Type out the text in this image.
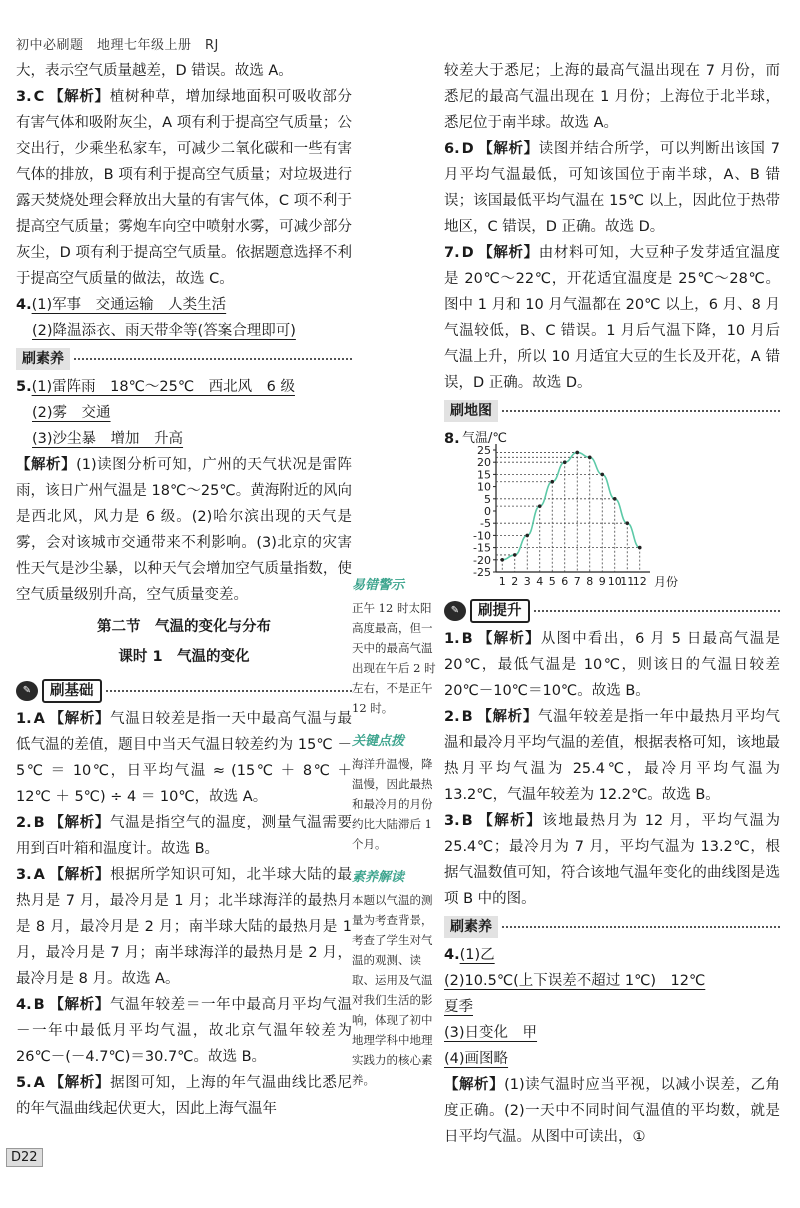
初中必刷题　地理七年级上册　RJ

大，表示空气质量越差，D 错误。故选 A。

3. C 【解析】植树种草，增加绿地面积可吸收部分有害气体和吸附灰尘，A 项有利于提高空气质量；公交出行，少乘坐私家车，可减少二氧化碳和一些有害气体的排放，B 项有利于提高空气质量；对垃圾进行露天焚烧处理会释放出大量的有害气体，C 项不利于提高空气质量；雾炮车向空中喷射水雾，可减少部分灰尘，D 项有利于提高空气质量。依据题意选择不利于提高空气质量的做法，故选 C。

4.(1)军事　交通运输　人类生活

(2)降温添衣、雨天带伞等(答案合理即可)

刷素养

5.(1)雷阵雨　18℃～25℃　西北风　6 级

(2)雾　交通

(3)沙尘暴　增加　升高

【解析】(1)读图分析可知，广州的天气状况是雷阵雨，该日广州气温是 18℃～25℃。黄海附近的风向是西北风，风力是 6 级。(2)哈尔滨出现的天气是雾，会对该城市交通带来不利影响。(3)北京的灾害性天气是沙尘暴，以种天气会增加空气质量指数，使空气质量级别升高，空气质量变差。

第二节　气温的变化与分布
课时 1　气温的变化
✎	刷基础

1. A 【解析】气温日较差是指一天中最高气温与最低气温的差值，题目中当天气温日较差约为 15℃ － 5℃ ＝ 10℃，日平均气温 ≈ (15℃ ＋ 8℃ ＋ 12℃ ＋ 5℃) ÷ 4 ＝ 10℃，故选 A。

2. B 【解析】气温是指空气的温度，测量气温需要用到百叶箱和温度计。故选 B。

3. A 【解析】根据所学知识可知，北半球大陆的最热月是 7 月，最冷月是 1 月；北半球海洋的最热月是 8 月，最冷月是 2 月；南半球大陆的最热月是 1 月，最冷月是 7 月；南半球海洋的最热月是 2 月，最冷月是 8 月。故选 A。

4. B 【解析】气温年较差＝一年中最高月平均气温－一年中最低月平均气温，故北京气温年较差为 26℃－(－4.7℃)＝30.7℃。故选 B。

5. A 【解析】据图可知，上海的年气温曲线比悉尼的年气温曲线起伏更大，因此上海气温年

易错警示
正午 12 时太阳高度最高，但一天中的最高气温出现在午后 2 时左右，不是正午 12 时。
关键点拨
海洋升温慢，降温慢，因此最热和最冷月的月份约比大陆滞后 1 个月。
素养解读
本题以气温的测量为考查背景，考查了学生对气温的观测、读取、运用及气温对我们生活的影响，体现了初中地理学科中地理实践力的核心素养。

较差大于悉尼；上海的最高气温出现在 7 月份，而悉尼的最高气温出现在 1 月份；上海位于北半球，悉尼位于南半球。故选 A。

6. D 【解析】读图并结合所学，可以判断出该国 7 月平均气温最低，可知该国位于南半球，A、B 错误；该国最低平均气温在 15℃ 以上，因此位于热带地区，C 错误，D 正确。故选 D。

7. D 【解析】由材料可知，大豆种子发芽适宜温度是 20℃～22℃，开花适宜温度是 25℃～28℃。图中 1 月和 10 月气温都在 20℃ 以上，6 月、8 月气温较低，B、C 错误。1 月后气温下降，10 月后气温上升，所以 10 月适宜大豆的生长及开花，A 错误，D 正确。故选 D。

刷地图
8. 气温/℃
月份
25
20
15
10
5
0
-5
-10
-15
-20
-25
1 2 3 4 5 6 7 8 9 10
11
12
✎	刷提升

1. B 【解析】从图中看出，6 月 5 日最高气温是 20℃，最低气温是 10℃，则该日的气温日较差 20℃－10℃＝10℃。故选 B。

2. B 【解析】气温年较差是指一年中最热月平均气温和最冷月平均气温的差值，根据表格可知，该地最热月平均气温为 25.4℃，最冷月平均气温为 13.2℃，气温年较差为 12.2℃。故选 B。

3. B 【解析】该地最热月为 12 月，平均气温为 25.4℃；最冷月为 7 月，平均气温为 13.2℃，根据气温数值可知，符合该地气温年变化的曲线图是选项 B 中的图。

刷素养

4.(1)乙

(2)10.5℃(上下误差不超过 1℃)　12℃

夏季

(3)日变化　甲

(4)画图略

【解析】(1)读气温时应当平视，以减小误差，乙角度正确。(2)一天中不同时间气温值的平均数，就是日平均气温。从图中可读出，①

D22
